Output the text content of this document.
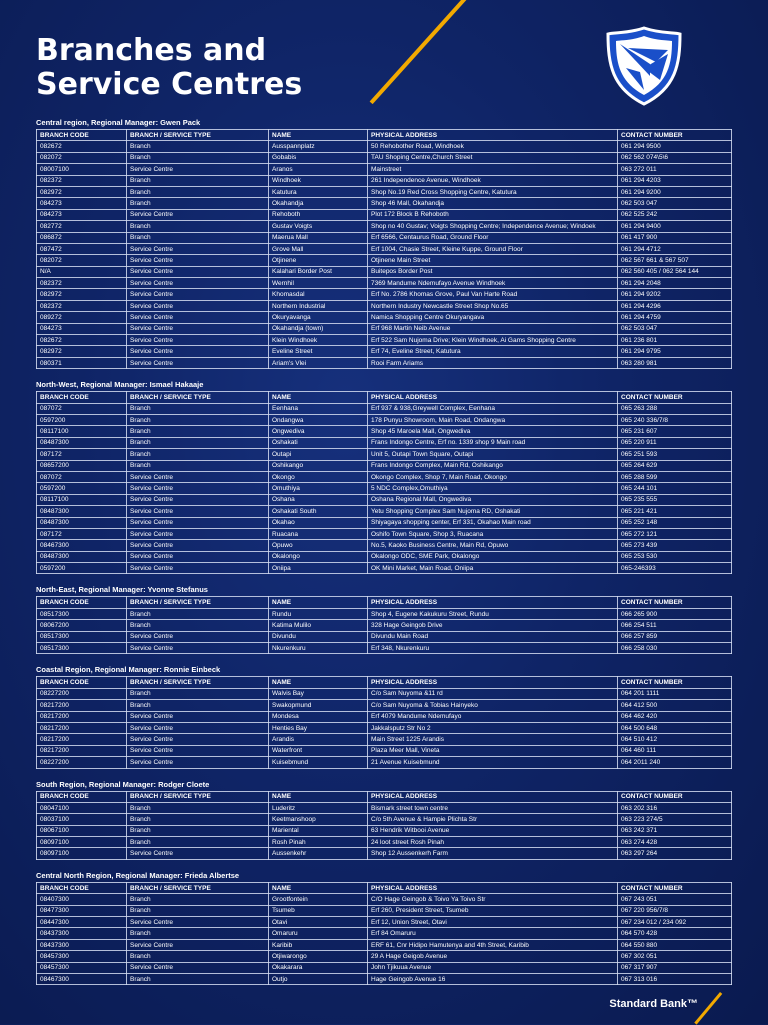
Branches and
Service Centres
Central region, Regional Manager: Gwen Pack
BRANCH CODE	BRANCH / SERVICE TYPE	NAME	PHYSICAL ADDRESS	CONTACT NUMBER
082672	Branch	Ausspannplatz	50 Rehobother Road, Windhoek	061 294 9500
082072	Branch	Gobabis	TAU Shoping Centre,Church Street	062 562 074\5\6
08007100	Service Centre	Aranos	Mainstreet	063 272 011
082372	Branch	Windhoek	261 Independence Avenue, Windhoek	061 294 4203
082972	Branch	Katutura	Shop No.19 Red Cross Shopping Centre, Katutura	061 294 9200
084273	Branch	Okahandja	Shop 46 Mall, Okahandja	062 503 047
084273	Service Centre	Rehoboth	Plot 172 Block B Rehoboth	062 525 242
082772	Branch	Gustav Voigts	Shop no 40 Gustav; Voigts Shopping Centre; Independence Avenue; Windoek	061 294 9400
086872	Branch	Maerua Mall	Erf 6566, Centaurus Road, Ground Floor	061 417 900
087472	Service Centre	Grove Mall	Erf 1004, Chasie Street, Kleine Kuppe, Ground Floor	061 294 4712
082072	Service Centre	Otjinene	Otjinene Main Street	062 567 661 & 567 507
N/A	Service Centre	Kalahari Border Post	Buitepos Border Post	062 560 405 / 062 564 144
082372	Service Centre	Wernhil	7369 Mandume Ndemufayo Avenue Windhoek	061 294 2048
082972	Service Centre	Khomasdal	Erf No. 2786 Khomas Grove, Paul Van Harte Road	061 294 9202
082372	Service Centre	Northern Industrial	Northern Industry Newcastle Street Shop No.65	061 294 4296
089272	Service Centre	Okuryavanga	Namica Shopping Centre Okuryangava	061 294 4759
084273	Service Centre	Okahandja (town)	Erf 968 Martin Neib Avenue	062 503 047
082672	Service Centre	Klein Windhoek	Erf 522 Sam Nujoma Drive; Klein Windhoek, Ai Gams Shopping Centre	061 236 801
082972	Service Centre	Eveline Street	Erf 74, Eveline Street, Katutura	061 294 9795
080371	Service Centre	Ariam's Vlei	Rooi Farm Ariams	063 280 981
North-West, Regional Manager: Ismael Hakaaje
BRANCH CODE	BRANCH / SERVICE TYPE	NAME	PHYSICAL ADDRESS	CONTACT NUMBER
087072	Branch	Eenhana	Erf 937 & 938,Greywell Complex, Eenhana	065 263 288
0597200	Branch	Ondangwa	178 Punyu Showroom, Main Road, Ondangwa	065 240 336/7/8
08117100	Branch	Ongwediva	Shop 45 Maroela Mall, Ongwediva	065 231 607
08487300	Branch	Oshakati	Frans Indongo Centre, Erf no. 1339 shop 9 Main road	065 220 911
087172	Branch	Outapi	Unit 5, Outapi Town Square, Outapi	065 251 593
08657200	Branch	Oshikango	Frans Indongo Complex, Main Rd, Oshikango	065 264 629
087072	Service Centre	Okongo	Okongo Complex, Shop 7, Main Road, Okongo	065 288 599
0597200	Service Centre	Omuthiya	5 NDC Complex,Omuthiya	065 244 101
08117100	Service Centre	Oshana	Oshana Regional Mall, Ongwediva	065 235 555
08487300	Service Centre	Oshakati South	Yetu Shopping Complex Sam Nujoma RD, Oshakati	065 221 421
08487300	Service Centre	Okahao	Shiyagaya shopping center, Erf 331, Okahao Main road	065 252 148
087172	Service Centre	Ruacana	Oshifo Town Square, Shop 3, Ruacana	065 272 121
08467300	Service Centre	Opuwo	No.5, Kaoko Business Centre, Main Rd, Opuwo	065 273 439
08487300	Service Centre	Okalongo	Okalongo ODC, SME Park, Okalongo	065 253 530
0597200	Service Centre	Oniipa	OK Mini Market, Main Road, Oniipa	065-246393
North-East, Regional Manager: Yvonne Stefanus
BRANCH CODE	BRANCH / SERVICE TYPE	NAME	PHYSICAL ADDRESS	CONTACT NUMBER
08517300	Branch	Rundu	Shop 4, Eugene Kakukuru Street, Rundu	066 265 900
08067200	Branch	Katima Mulilo	328 Hage Geingob Drive	066 254 511
08517300	Service Centre	Divundu	Divundu Main Road	066 257 859
08517300	Service Centre	Nkurenkuru	Erf 348, Nkurenkuru	066 258 030
Coastal Region, Regional Manager: Ronnie Einbeck
BRANCH CODE	BRANCH / SERVICE TYPE	NAME	PHYSICAL ADDRESS	CONTACT NUMBER
08227200	Branch	Walvis Bay	C/o Sam Nuyoma &11 rd	064 201 1111
08217200	Branch	Swakopmund	C/o Sam Nuyoma & Tobias Hainyeko	064 412 500
08217200	Service Centre	Mondesa	Erf 4079 Mandume Ndemufayo	064 462 420
08217200	Service Centre	Henties Bay	Jakkalsputz Str No 2	064 500 648
08217200	Service Centre	Arandis	Main Street 1225 Arandis	064 510 412
08217200	Service Centre	Waterfront	Plaza Meer Mall, Vineta	064 460 111
08227200	Service Centre	Kuisebmund	21 Avenue Kuisebmund	064 2011 240
South Region, Regional Manager: Rodger Cloete
BRANCH CODE	BRANCH / SERVICE TYPE	NAME	PHYSICAL ADDRESS	CONTACT NUMBER
08047100	Branch	Luderitz	Bismark street town centre	063 202 316
08037100	Branch	Keetmanshoop	C/o 5th Avenue & Hampie Plichta Str	063 223 274/5
08067100	Branch	Mariental	63 Hendrik Witbooi Avenue	063 242 371
08097100	Branch	Rosh Pinah	24 loot street Rosh Pinah	063 274 428
08097100	Service Centre	Aussenkehr	Shop 12 Aussenkerh Farm	063 297 264
Central North Region, Regional Manager: Frieda Albertse
BRANCH CODE	BRANCH / SERVICE TYPE	NAME	PHYSICAL ADDRESS	CONTACT NUMBER
08407300	Branch	Grootfontein	C/O Hage Geingob & Toivo Ya Toivo Str	067 243 051
08477300	Branch	Tsumeb	Erf 260, President Street, Tsumeb	067 220 956/7/8
08447300	Service Centre	Otavi	Erf 12, Union Street, Otavi	067 234 012 / 234 092
08437300	Branch	Omaruru	Erf 84 Omaruru	064 570 428
08437300	Service Centre	Karibib	ERF 61, Cnr Hidipo Hamutenya and 4th Street, Karibib	064 550 880
08457300	Branch	Otjiwarongo	29 A Hage Geigob Avenue	067 302 051
08457300	Service Centre	Okakarara	John Tjikuua Avenue	067 317 907
08467300	Branch	Outjo	Hage Geingob Avenue 16	067 313 016
Standard Bank™
